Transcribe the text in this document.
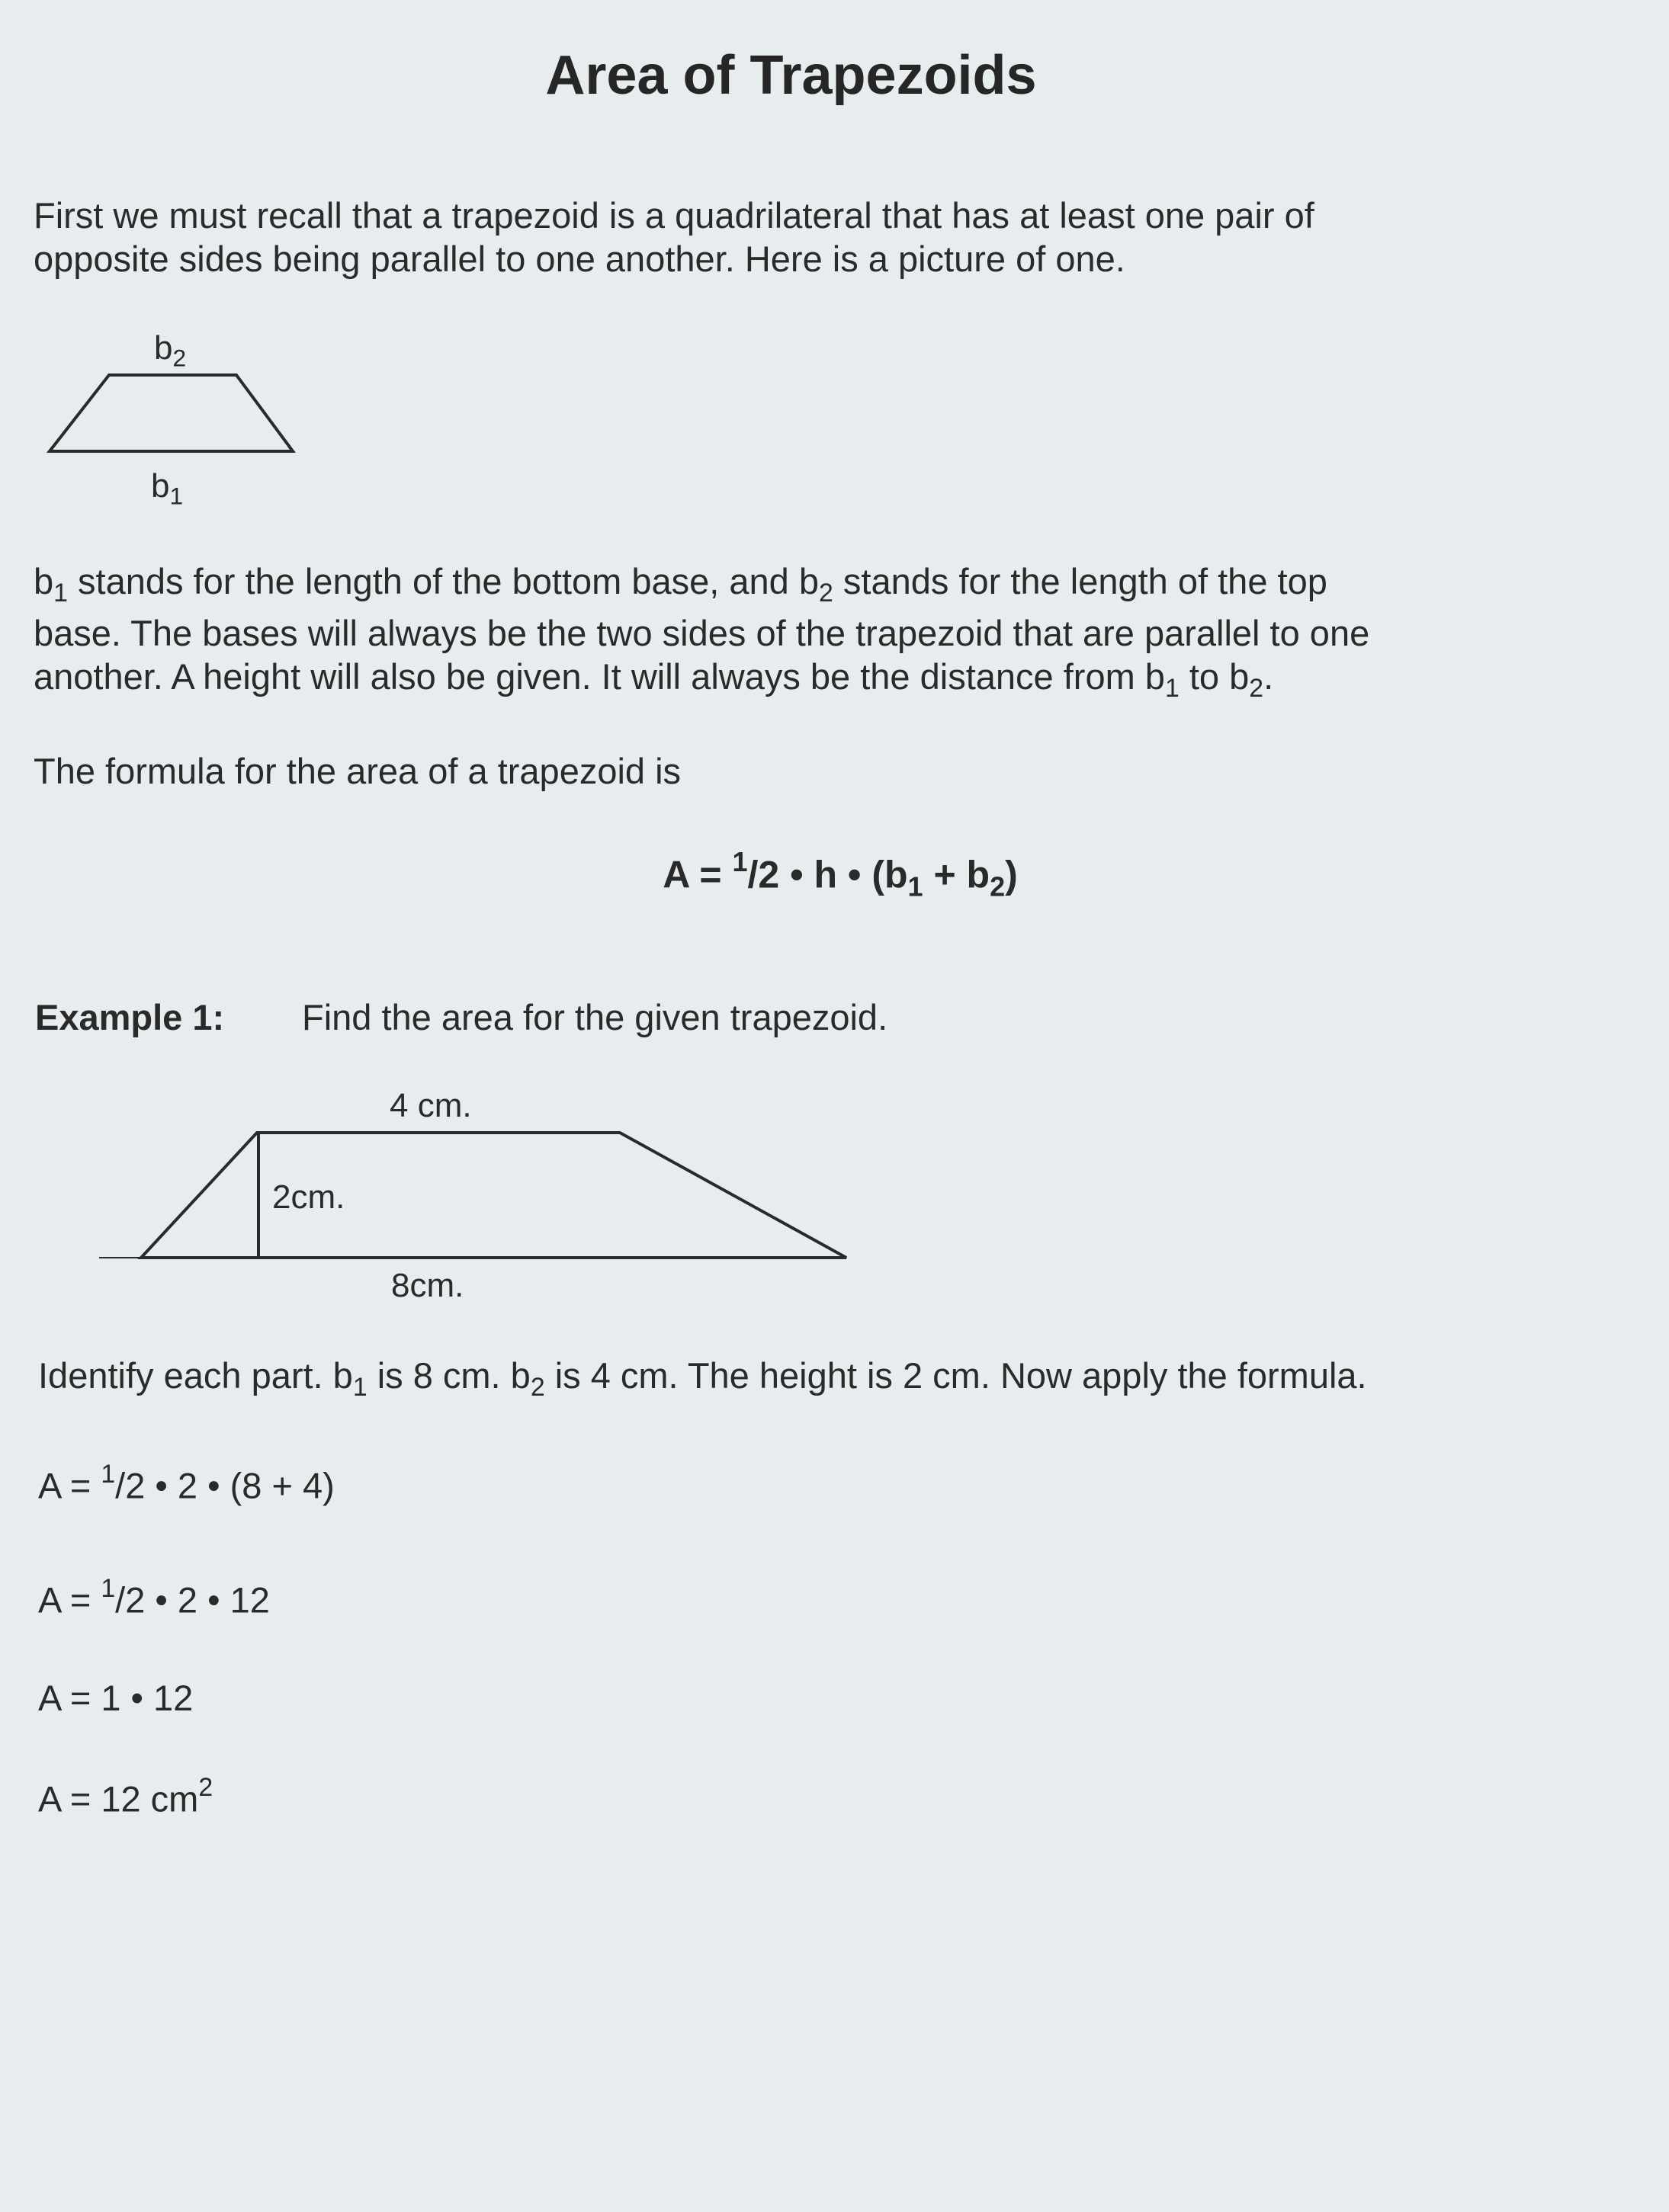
Area of Trapezoids
First we must recall that a trapezoid is a quadrilateral that has at least one pair of
opposite sides being parallel to one another. Here is a picture of one.
$b_2$
$b_1$
$b_1$ stands for the length of the bottom base, and $b_2$ stands for the length of the top
base. The bases will always be the two sides of the trapezoid that are parallel to one
another. A height will also be given. It will always be the distance from $b_1$ to $b_2$.
The formula for the area of a trapezoid is
A = $^1$/2 • h • $(b_1 + b_2)$
Example 1: Find the area for the given trapezoid.
4 cm.
2cm.
8cm.
Identify each part. $b_1$ is 8 cm. $b_2$ is 4 cm. The height is 2 cm. Now apply the formula.
A = $^1$/2 • 2 • (8 + 4)
A = $^1$/2 • 2 • 12
A = 1 • 12
A = 12 $cm^2$
